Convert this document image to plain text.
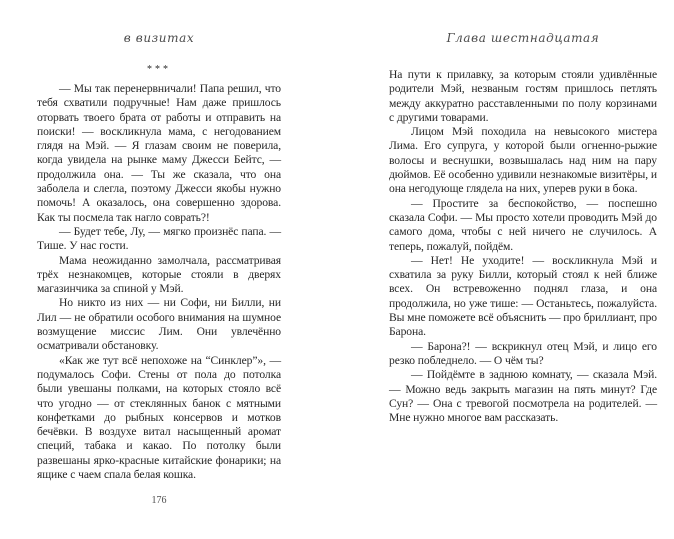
в визитах
***

— Мы так перенервничали! Папа решил, что тебя схватили подручные! Нам даже пришлось оторвать твоего брата от работы и отправить на поиски! — воскликнула мама, с негодованием глядя на Мэй. — Я глазам своим не поверила, когда увидела на рынке маму Джесси Бейтс, — продолжила она. — Ты же сказала, что она заболела и слегла, поэтому Джесси якобы нужно помочь! А оказалось, она совершенно здорова. Как ты посмела так нагло соврать?!

— Будет тебе, Лу, — мягко произнёс папа. — Тише. У нас гости.

Мама неожиданно замолчала, рассматривая трёх незнакомцев, которые стояли в дверях магазинчика за спиной у Мэй.

Но никто из них — ни Софи, ни Билли, ни Лил — не обратили особого внимания на шумное возмущение миссис Лим. Они увлечённо осматривали обстановку.

«Как же тут всё непохоже на “Синклер”», — подумалось Софи. Стены от пола до потолка были увешаны полками, на которых стояло всё что угодно — от стеклянных банок с мятными конфетками до рыбных консервов и мотков бечёвки. В воздухе витал насыщенный аромат специй, табака и какао. По потолку были развешаны ярко-красные китайские фонарики; на ящике с чаем спала белая кошка.

176
Глава шестнадцатая

На пути к прилавку, за которым стояли удивлённые родители Мэй, незваным гостям пришлось петлять между аккуратно расставленными по полу корзинами с другими товарами.

Лицом Мэй походила на невысокого мистера Лима. Его супруга, у которой были огненно-рыжие волосы и веснушки, возвышалась над ним на пару дюймов. Её особенно удивили незнакомые визитёры, и она негодующе глядела на них, уперев руки в бока.

— Простите за беспокойство, — поспешно сказала Софи. — Мы просто хотели проводить Мэй до самого дома, чтобы с ней ничего не случилось. А теперь, пожалуй, пойдём.

— Нет! Не уходите! — воскликнула Мэй и схватила за руку Билли, который стоял к ней ближе всех. Он встревоженно поднял глаза, и она продолжила, но уже тише: — Останьтесь, пожалуйста. Вы мне поможете всё объяснить — про бриллиант, про Барона.

— Барона?! — вскрикнул отец Мэй, и лицо его резко побледнело. — О чём ты?

— Пойдёмте в заднюю комнату, — сказала Мэй. — Можно ведь закрыть магазин на пять минут? Где Сун? — Она с тревогой посмотрела на родителей. — Мне нужно многое вам рассказать.
